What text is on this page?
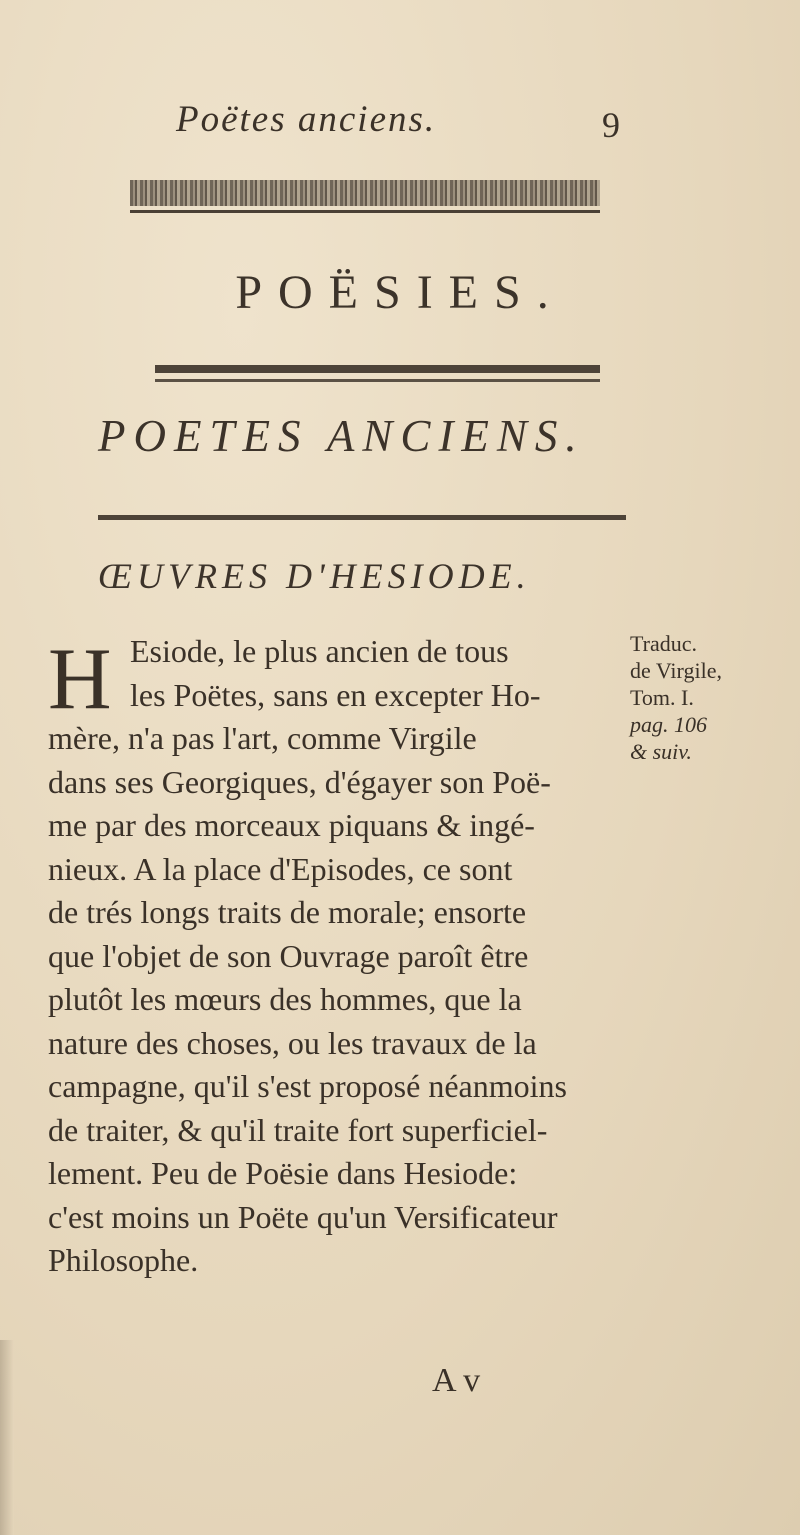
Poëtes anciens.	9
POËSIES.
POETES ANCIENS.
ŒUVRES D'HESIODE.
H Esiode, le plus ancien de tous
les Poëtes, sans en excepter Ho-
mère, n'a pas l'art, comme Virgile
dans ses Georgiques, d'égayer son Poë-
me par des morceaux piquans & ingé-
nieux. A la place d'Episodes, ce sont
de trés longs traits de morale; ensorte
que l'objet de son Ouvrage paroît être
plutôt les mœurs des hommes, que la
nature des choses, ou les travaux de la
campagne, qu'il s'est proposé néanmoins
de traiter, & qu'il traite fort superficiel-
lement. Peu de Poësie dans Hesiode:
c'est moins un Poëte qu'un Versificateur
Philosophe.
Traduc.
de Virgile,
Tom. I.
pag. 106
& suiv.
A v
